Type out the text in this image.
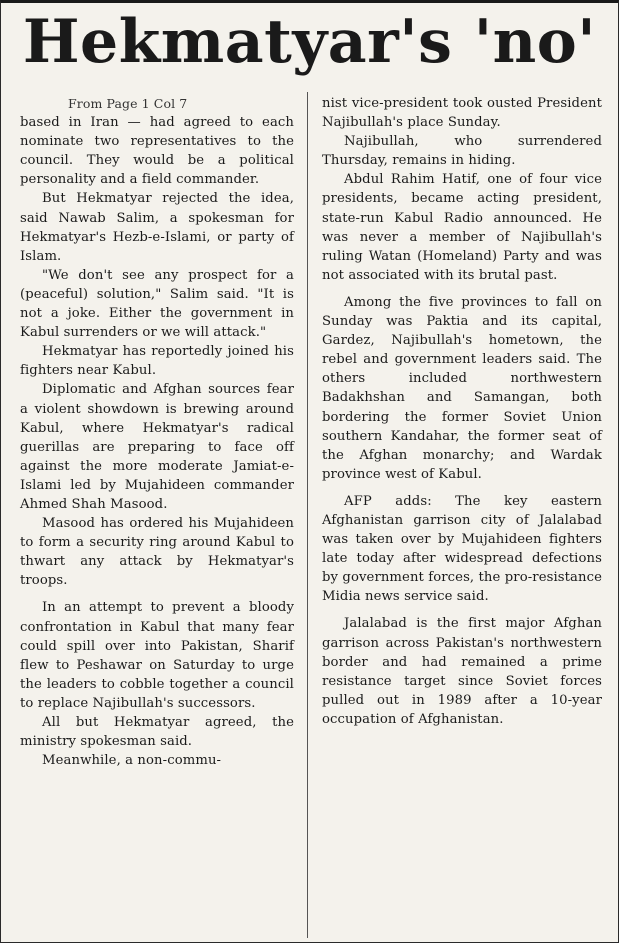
Hekmatyar's 'no'

From Page 1 Col 7

based in Iran — had agreed to each nominate two representatives to the council. They would be a political personality and a field commander.

But Hekmatyar rejected the idea, said Nawab Salim, a spokesman for Hekmatyar's Hezb-e-Islami, or party of Islam.

"We don't see any prospect for a (peaceful) solution," Salim said. "It is not a joke. Either the government in Kabul surrenders or we will attack."

Hekmatyar has reportedly joined his fighters near Kabul.

Diplomatic and Afghan sources fear a violent showdown is brewing around Kabul, where Hekmatyar's radical guerillas are preparing to face off against the more moderate Jamiat-e-Islami led by Mujahideen commander Ahmed Shah Masood.

Masood has ordered his Mujahideen to form a security ring around Kabul to thwart any attack by Hekmatyar's troops.

In an attempt to prevent a bloody confrontation in Kabul that many fear could spill over into Pakistan, Sharif flew to Peshawar on Saturday to urge the leaders to cobble together a council to replace Najibullah's successors.

All but Hekmatyar agreed, the ministry spokesman said.

Meanwhile, a non-commu-

nist vice-president took ousted President Najibullah's place Sunday.

Najibullah, who surrendered Thursday, remains in hiding.

Abdul Rahim Hatif, one of four vice presidents, became acting president, state-run Kabul Radio announced. He was never a member of Najibullah's ruling Watan (Homeland) Party and was not associated with its brutal past.

Among the five provinces to fall on Sunday was Paktia and its capital, Gardez, Najibullah's hometown, the rebel and government leaders said. The others included northwestern Badakhshan and Samangan, both bordering the former Soviet Union southern Kandahar, the former seat of the Afghan monarchy; and Wardak province west of Kabul.

AFP adds: The key eastern Afghanistan garrison city of Jalalabad was taken over by Mujahideen fighters late today after widespread defections by government forces, the pro-resistance Midia news service said.

Jalalabad is the first major Afghan garrison across Pakistan's northwestern border and had remained a prime resistance target since Soviet forces pulled out in 1989 after a 10-year occupation of Afghanistan.
